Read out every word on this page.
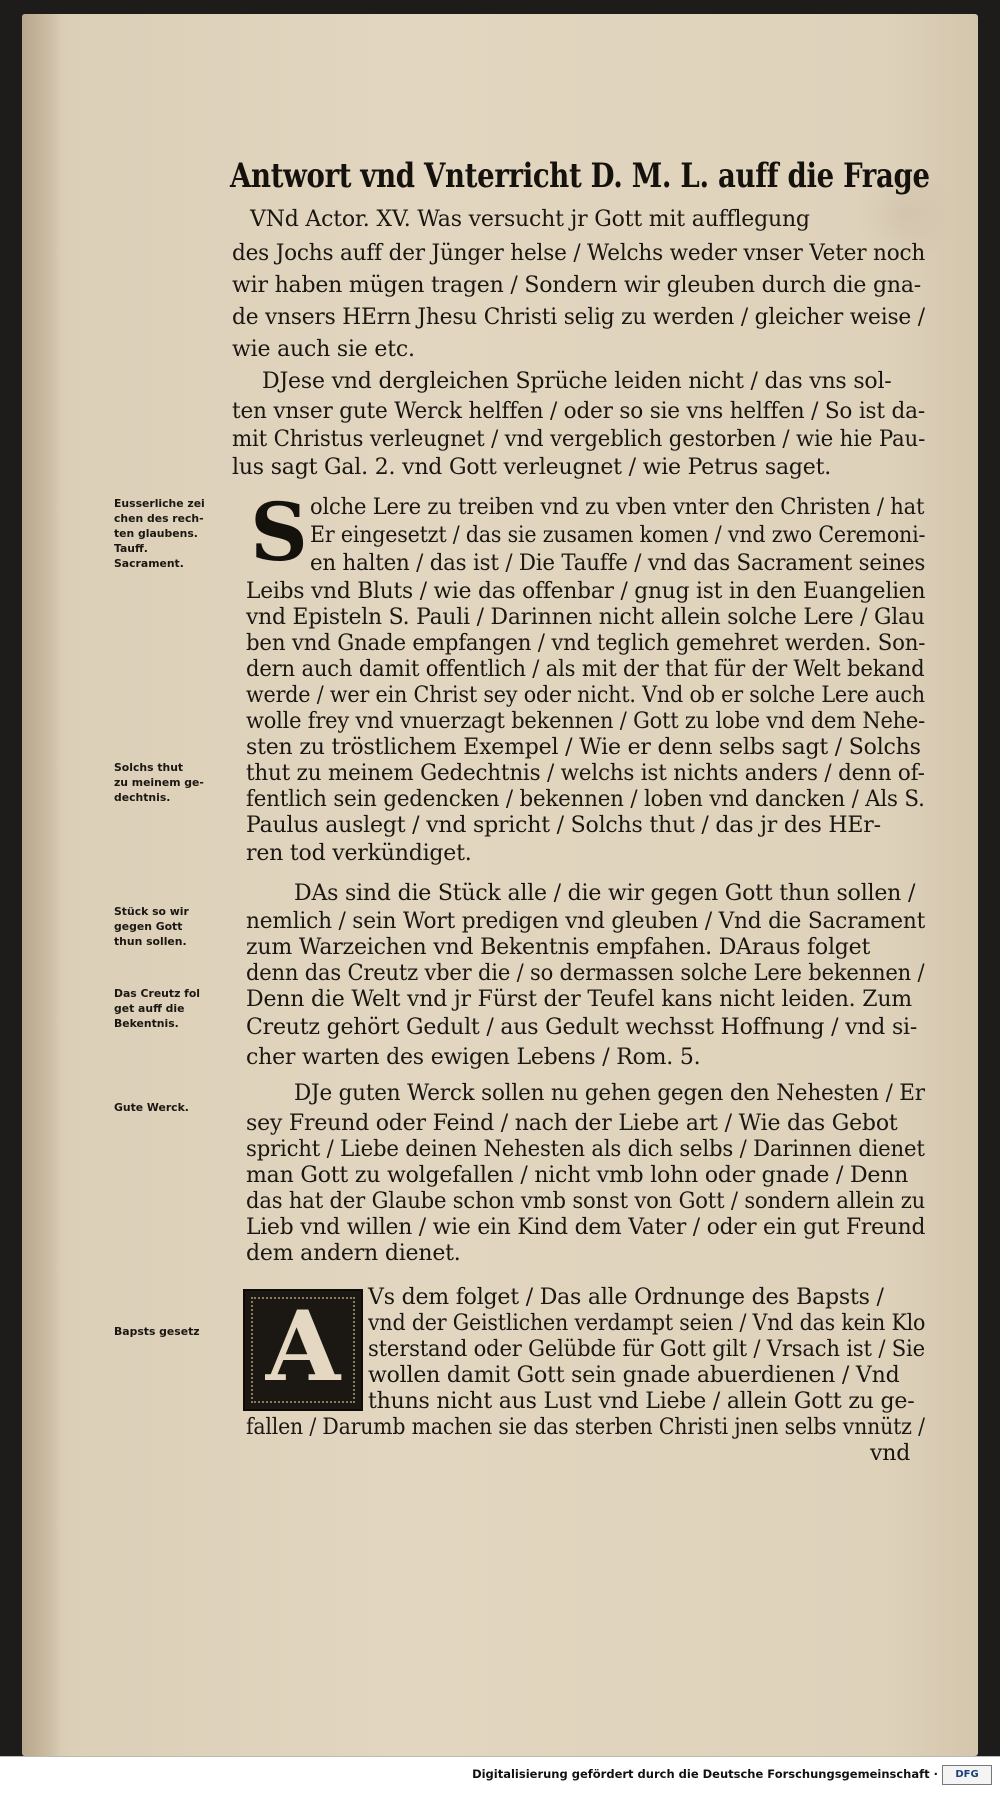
Antwort vnd Vnterricht D. M. L. auff die Frage
VNd Actor. XV. Was versucht jr Gott mit aufflegung
des Jochs auff der Jünger helse / Welchs weder vnser Veter noch
wir haben mügen tragen / Sondern wir gleuben durch die gna-
de vnsers HErrn Jhesu Christi selig zu werden / gleicher weise /
wie auch sie etc.
DJese vnd dergleichen Sprüche leiden nicht / das vns sol-
ten vnser gute Werck helffen / oder so sie vns helffen / So ist da-
mit Christus verleugnet / vnd vergeblich gestorben / wie hie Pau-
lus sagt Gal. 2. vnd Gott verleugnet / wie Petrus saget.
S olche Lere zu treiben vnd zu vben vnter den Christen / hat
Er eingesetzt / das sie zusamen komen / vnd zwo Ceremoni-
en halten / das ist / Die Tauffe / vnd das Sacrament seines
Leibs vnd Bluts / wie das offenbar / gnug ist in den Euangelien
vnd Episteln S. Pauli / Darinnen nicht allein solche Lere / Glau
ben vnd Gnade empfangen / vnd teglich gemehret werden. Son-
dern auch damit offentlich / als mit der that für der Welt bekand
werde / wer ein Christ sey oder nicht. Vnd ob er solche Lere auch
wolle frey vnd vnuerzagt bekennen / Gott zu lobe vnd dem Nehe-
sten zu tröstlichem Exempel / Wie er denn selbs sagt / Solchs
thut zu meinem Gedechtnis / welchs ist nichts anders / denn of-
fentlich sein gedencken / bekennen / loben vnd dancken / Als S.
Paulus auslegt / vnd spricht / Solchs thut / das jr des HEr-
ren tod verkündiget.
DAs sind die Stück alle / die wir gegen Gott thun sollen /
nemlich / sein Wort predigen vnd gleuben / Vnd die Sacrament
zum Warzeichen vnd Bekentnis empfahen. DAraus folget
denn das Creutz vber die / so dermassen solche Lere bekennen /
Denn die Welt vnd jr Fürst der Teufel kans nicht leiden. Zum
Creutz gehört Gedult / aus Gedult wechsst Hoffnung / vnd si-
cher warten des ewigen Lebens / Rom. 5.
DJe guten Werck sollen nu gehen gegen den Nehesten / Er
sey Freund oder Feind / nach der Liebe art / Wie das Gebot
spricht / Liebe deinen Nehesten als dich selbs / Darinnen dienet
man Gott zu wolgefallen / nicht vmb lohn oder gnade / Denn
das hat der Glaube schon vmb sonst von Gott / sondern allein zu
Lieb vnd willen / wie ein Kind dem Vater / oder ein gut Freund
dem andern dienet.
A	Vs dem folget / Das alle Ordnunge des Bapsts /
vnd der Geistlichen verdampt seien / Vnd das kein Klo
sterstand oder Gelübde für Gott gilt / Vrsach ist / Sie
wollen damit Gott sein gnade abuerdienen / Vnd
thuns nicht aus Lust vnd Liebe / allein Gott zu ge-
fallen / Darumb machen sie das sterben Christi jnen selbs vnnütz /
vnd
Eusserliche zei
chen des rech-
ten glaubens.
Tauff.
Sacrament.
Solchs thut
zu meinem ge-
dechtnis.
Stück so wir
gegen Gott
thun sollen.
Das Creutz fol
get auff die
Bekentnis.
Gute Werck.
Bapsts gesetz
Digitalisierung gefördert durch die Deutsche Forschungsgemeinschaft ·	DFG
